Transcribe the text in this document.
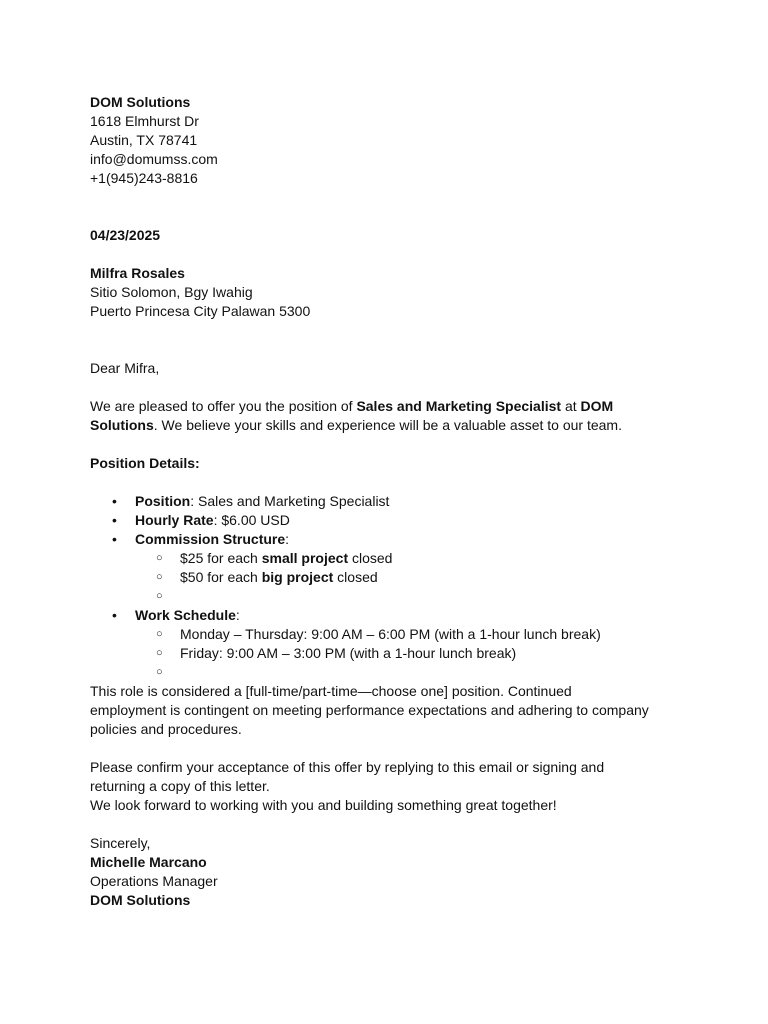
DOM Solutions

1618 Elmhurst Dr

Austin, TX 78741

info@domumss.com

+1(945)243-8816

04/23/2025

Milfra Rosales

Sitio Solomon, Bgy Iwahig

Puerto Princesa City Palawan 5300

Dear Mifra,

We are pleased to offer you the position of Sales and Marketing Specialist at DOM

Solutions. We believe your skills and experience will be a valuable asset to our team.

Position Details:

• Position: Sales and Marketing Specialist
• Hourly Rate: $6.00 USD
• Commission Structure:
○ $25 for each small project closed
○ $50 for each big project closed
○

• Work Schedule:
○ Monday – Thursday: 9:00 AM – 6:00 PM (with a 1-hour lunch break)
○ Friday: 9:00 AM – 3:00 PM (with a 1-hour lunch break)
○

This role is considered a [full-time/part-time—choose one] position. Continued

employment is contingent on meeting performance expectations and adhering to company

policies and procedures.

Please confirm your acceptance of this offer by replying to this email or signing and

returning a copy of this letter.

We look forward to working with you and building something great together!

Sincerely,

Michelle Marcano

Operations Manager

DOM Solutions
